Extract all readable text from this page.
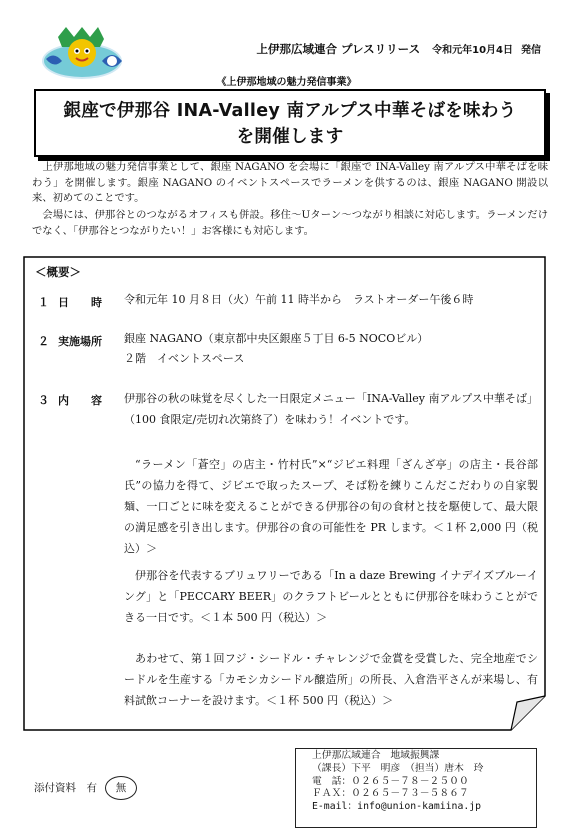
上伊那広域連合 プレスリリース 令和元年10月4日 発信
《上伊那地域の魅力発信事業》
銀座で伊那谷 INA-Valley 南アルプス中華そばを味わう
を開催します
　上伊那地域の魅力発信事業として、銀座 NAGANO を会場に「銀座で INA-Valley 南アルプス中華そばを味わう」を開催します。銀座 NAGANO のイベントスペースでラーメンを供するのは、銀座 NAGANO 開設以来、初めてのことです。
　会場には、伊那谷とのつながるオフィスも併設。移住〜Uターン〜つながり相談に対応します。ラーメンだけでなく、「伊那谷とつながりたい！」お客様にも対応します。
＜概要＞
１ 日　　時 令和元年 10 月８日（火）午前 11 時半から　ラストオーダー午後６時
２ 実施場所 銀座 NAGANO（東京都中央区銀座５丁目 6-5 NOCOビル）
２階　イベントスペース
３ 内　　容 伊那谷の秋の味覚を尽くした一日限定メニュー「INA-Valley 南アルプス中華そば」（100 食限定/売切れ次第終了）を味わう！イベントです。
“ラーメン「蒼空」の店主・竹村氏”×“ジビエ料理「ざんざ亭」の店主・長谷部氏”の協力を得て、ジビエで取ったスープ、そば粉を練りこんだこだわりの自家製麺、一口ごとに味を変えることができる伊那谷の旬の食材と技を駆使して、最大限の満足感を引き出します。伊那谷の食の可能性を PR します。＜１杯 2,000 円（税込）＞
伊那谷を代表するブリュワリーである「In a daze Brewing イナデイズブルーイング」と「PECCARY BEER」のクラフトビールとともに伊那谷を味わうことができる一日です。＜１本 500 円（税込）＞
あわせて、第１回フジ・シードル・チャレンジで金賞を受賞した、完全地産でシードルを生産する「カモシカシードル醸造所」の所長、入倉浩平さんが来場し、有料試飲コーナーを設けます。＜１杯 500 円（税込）＞
添付資料　有 無
上伊那広域連合　地域振興課
（課長）下平　明彦　（担当）唐木　玲
電　話：０２６５－７８－２５００
ＦＡＸ：０２６５－７３－５８６７
E-mail：info@union-kamiina.jp
